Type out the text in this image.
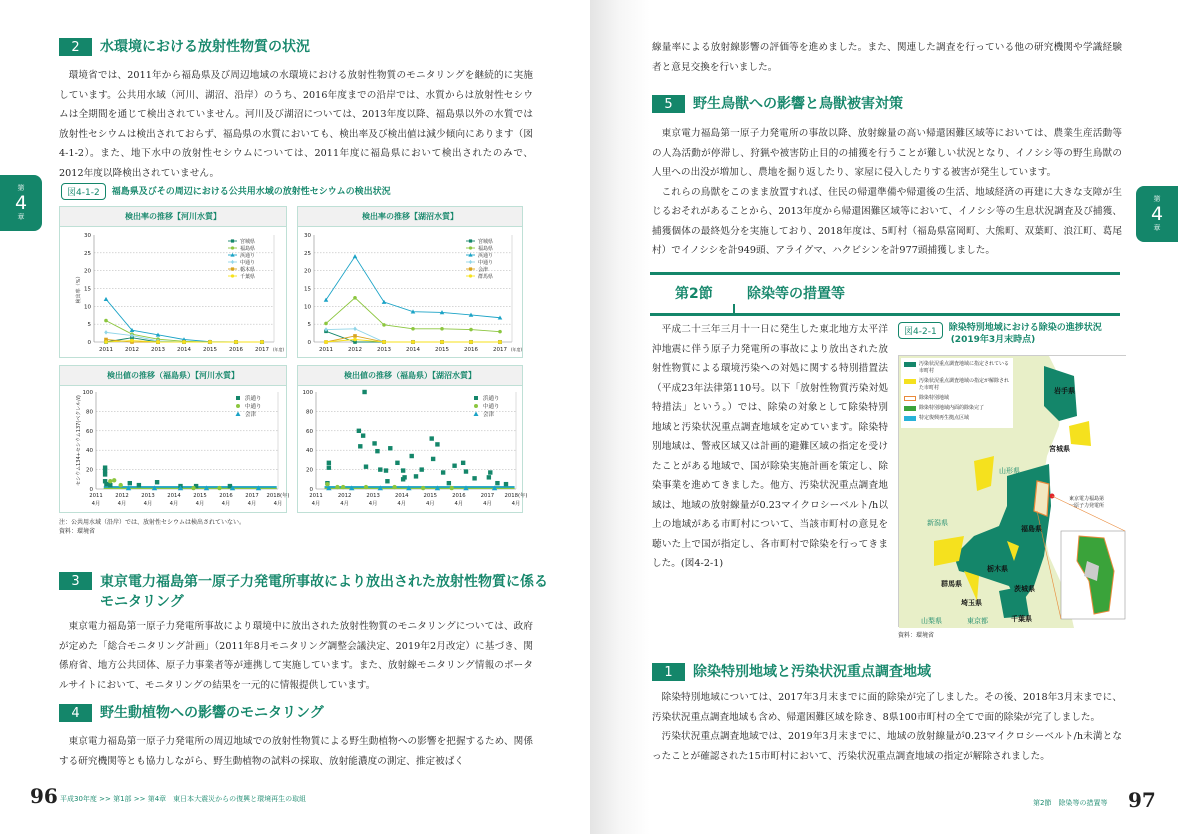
第
4
章
2	水環境における放射性物質の状況

環境省では、2011年から福島県及び周辺地域の水環境における放射性物質のモニタリングを継続的に実施しています。公共用水域（河川、湖沼、沿岸）のうち、2016年度までの沿岸では、水質からは放射性セシウムは全期間を通じて検出されていません。河川及び湖沼については、2013年度以降、福島県以外の水質では放射性セシウムは検出されておらず、福島県の水質においても、検出率及び検出値は減少傾向にあります（図4-1-2）。また、地下水中の放射性セシウムについては、2011年度に福島県において検出されたのみで、2012年度以降検出されていません。

図4-1-2	福島県及びその周辺における公共用水域の放射性セシウムの検出状況
検出率の推移【河川水質】
0
5
10
15
20
25
30
2011 2012 2013 2014 2015 2016 2017 (年度)
検出率（%）
宮城県
福島県
浜通り
中通り
栃木県
千葉県
検出率の推移【湖沼水質】
0
5
10
15
20
25
30
2011	2012	2013	2014	2015	2016	2017 (年度)
宮城県
福島県
浜通り
中通り
会津
群馬県
検出値の推移（福島県）【河川水質】
0
20
40
60
80
100
2011
4月
2012
4月
2013
4月
2014
4月
2015
4月
2016
4月
2017
4月
2018(年)
4月
セシウム134+セシウム137(ベクレル/ℓ)	浜通り
中通り
会津
検出値の推移（福島県）【湖沼水質】
0
20
40
60
80
100
2011
4月
2012
4月
2013
4月
2014
4月
2015
4月
2016
4月
2017
4月
2018(年)
4月
浜通り
中通り
会津
注：公共用水域（沿岸）では、放射性セシウムは検出されていない。
資料：環境省
3	東京電力福島第一原子力発電所事故により放出された放射性物質に係る
モニタリング

東京電力福島第一原子力発電所事故により環境中に放出された放射性物質のモニタリングについては、政府が定めた「総合モニタリング計画」（2011年8月モニタリング調整会議決定、2019年2月改定）に基づき、関係府省、地方公共団体、原子力事業者等が連携して実施しています。また、放射線モニタリング情報のポータルサイトにおいて、モニタリングの結果を一元的に情報提供しています。

4	野生動植物への影響のモニタリング

東京電力福島第一原子力発電所の周辺地域での放射性物質による野生動植物への影響を把握するため、関係する研究機関等とも協力しながら、野生動植物の試料の採取、放射能濃度の測定、推定被ばく

96 平成30年度 >> 第1部 >> 第4章　東日本大震災からの復興と環境再生の取組
第
4
章
線量率による放射線影響の評価等を進めました。また、関連した調査を行っている他の研究機関や学識経験者と意見交換を行いました。
5	野生鳥獣への影響と鳥獣被害対策

東京電力福島第一原子力発電所の事故以降、放射線量の高い帰還困難区域等においては、農業生産活動等の人為活動が停滞し、狩猟や被害防止目的の捕獲を行うことが難しい状況となり、イノシシ等の野生鳥獣の人里への出没が増加し、農地を掘り返したり、家屋に侵入したりする被害が発生しています。

これらの鳥獣をこのまま放置すれば、住民の帰還準備や帰還後の生活、地域経済の再建に大きな支障が生じるおそれがあることから、2013年度から帰還困難区域等において、イノシシ等の生息状況調査及び捕獲、捕獲個体の最終処分を実施しており、2018年度は、5町村（福島県富岡町、大熊町、双葉町、浪江町、葛尾村）でイノシシを計949頭、アライグマ、ハクビシンを計977頭捕獲しました。

第2節 除染等の措置等

平成二十三年三月十一日に発生した東北地方太平洋沖地震に伴う原子力発電所の事故により放出された放射性物質による環境汚染への対処に関する特別措置法（平成23年法律第110号。以下「放射性物質汚染対処特措法」という。）では、除染の対象として除染特別地域と汚染状況重点調査地域を定めています。除染特別地域は、警戒区域又は計画的避難区域の指定を受けたことがある地域で、国が除染実施計画を策定し、除染事業を進めてきました。他方、汚染状況重点調査地域は、地域の放射線量が0.23マイクロシーベルト/h以上の地域がある市町村について、当該市町村の意見を聴いた上で国が指定し、各市町村で除染を行ってきました。(図4-2-1)

図4-2-1	除染特別地域における除染の進捗状況
(2019年3月末時点)
汚染状況重点調査地域に指定されている市町村
汚染状況重点調査地域の指定が解除された市町村
除染特別地域
除染特別地域内面的除染完了
特定復興再生拠点区域
岩手県
宮城県
山形県
新潟県
福島県
栃木県
群馬県
茨城県
埼玉県
千葉県
山梨県	東京都
東京電力福島第一原子力発電所
資料：環境省
1	除染特別地域と汚染状況重点調査地域

除染特別地域については、2017年3月末までに面的除染が完了しました。その後、2018年3月末までに、汚染状況重点調査地域も含め、帰還困難区域を除き、8県100市町村の全てで面的除染が完了しました。

汚染状況重点調査地域では、2019年3月末までに、地域の放射線量が0.23マイクロシーベルト/h未満となったことが確認された15市町村において、汚染状況重点調査地域の指定が解除されました。

第2節　除染等の措置等 97
